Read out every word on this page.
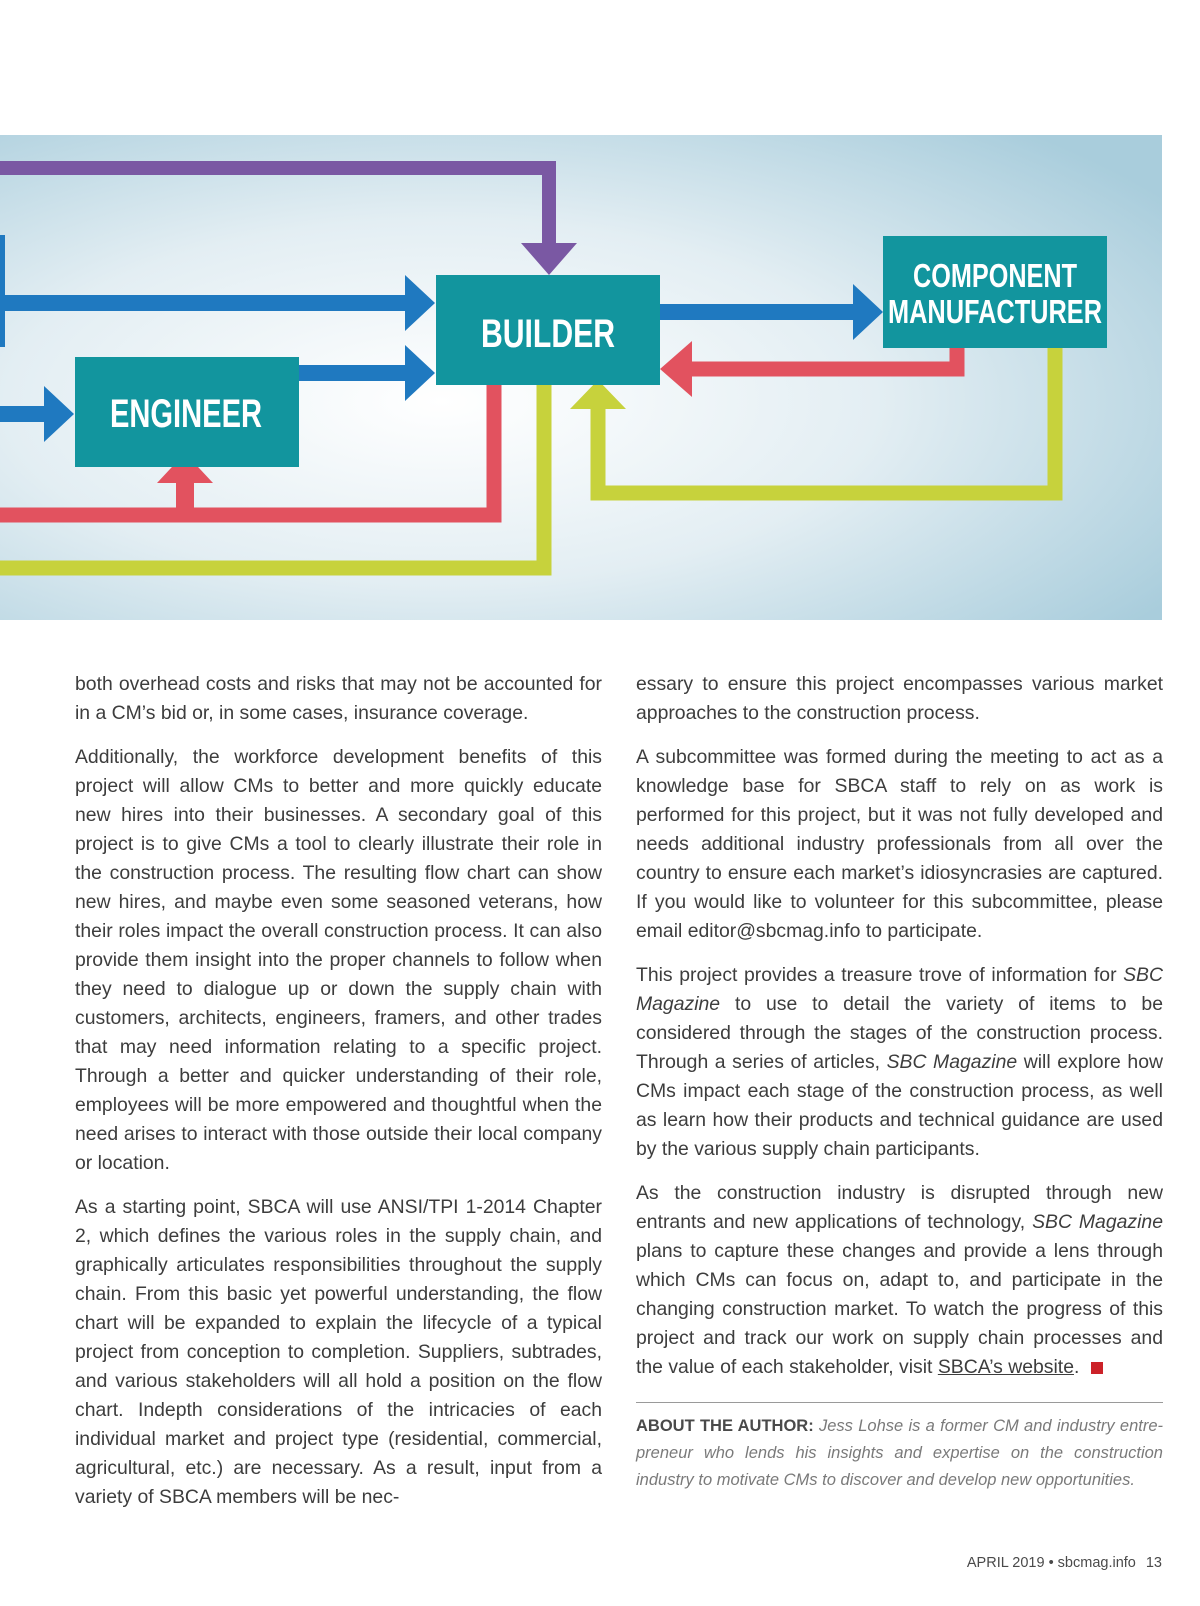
BUILDER
ENGINEER
COMPONENT
MANUFACTURER

both overhead costs and risks that may not be accounted for in a CM’s bid or, in some cases, insurance coverage.

Additionally, the workforce development benefits of this project will allow CMs to better and more quickly educate new hires into their businesses. A secondary goal of this project is to give CMs a tool to clearly illustrate their role in the construction process. The resulting flow chart can show new hires, and maybe even some seasoned veterans, how their roles impact the overall construction process. It can also provide them insight into the proper channels to follow when they need to dialogue up or down the supply chain with customers, architects, engineers, framers, and other trades that may need information relating to a specific project. Through a better and quicker understanding of their role, employees will be more empowered and thoughtful when the need arises to interact with those outside their local company or location.

As a starting point, SBCA will use ANSI/TPI 1-2014 Chapter 2, which defines the various roles in the supply chain, and graphically articulates responsibilities throughout the supply chain. From this basic yet powerful understanding, the flow chart will be expanded to explain the lifecycle of a typical project from conception to completion. Suppliers, subtrades, and various stakeholders will all hold a position on the flow chart. Indepth considerations of the intricacies of each individual market and project type (residential, commercial, agricultural, etc.) are necessary. As a result, input from a variety of SBCA members will be nec-

essary to ensure this project encompasses various market approaches to the construction process.

A subcommittee was formed during the meeting to act as a knowledge base for SBCA staff to rely on as work is performed for this project, but it was not fully developed and needs additional industry professionals from all over the country to ensure each market’s idiosyncrasies are captured. If you would like to volunteer for this subcommittee, please email editor@sbcmag.info to participate.

This project provides a treasure trove of information for SBC Magazine to use to detail the variety of items to be considered through the stages of the construction process. Through a series of articles, SBC Magazine will explore how CMs impact each stage of the construction process, as well as learn how their products and technical guidance are used by the various supply chain participants.

As the construction industry is disrupted through new entrants and new applications of technology, SBC Magazine plans to capture these changes and provide a lens through which CMs can focus on, adapt to, and participate in the changing construction market. To watch the progress of this project and track our work on supply chain processes and the value of each stakeholder, visit SBCA’s website.

ABOUT THE AUTHOR: Jess Lohse is a former CM and industry entrepreneur who lends his insights and expertise on the construction industry to motivate CMs to discover and develop new opportunities.
APRIL 2019 • sbcmag.info 13
